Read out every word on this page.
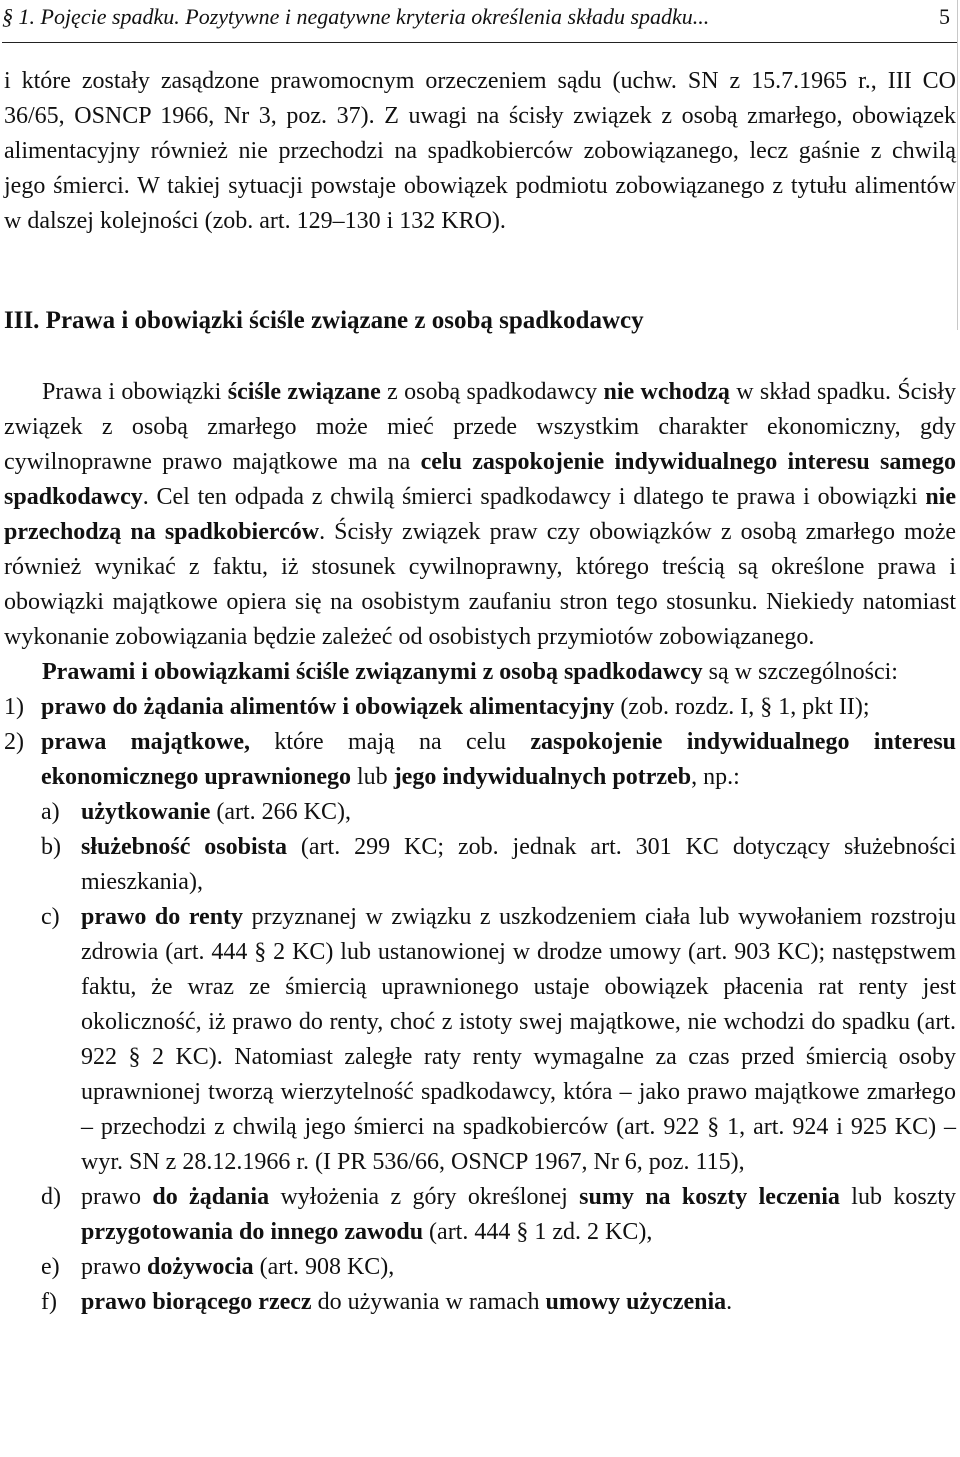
§ 1. Pojęcie spadku. Pozytywne i negatywne kryteria określenia składu spadku...	5

i które zostały zasądzone prawomocnym orzeczeniem sądu (uchw. SN z 15.7.1965 r., III CO 36/65, OSNCP 1966, Nr 3, poz. 37). Z uwagi na ścisły związek z osobą zmarłego, obowiązek alimentacyjny również nie przechodzi na spadkobierców zobowiązanego, lecz gaśnie z chwilą jego śmierci. W takiej sytuacji powstaje obowiązek podmiotu zobowiązanego z tytułu alimentów w dalszej kolejności (zob. art. 129–130 i 132 KRO).

III. Prawa i obowiązki ściśle związane z osobą spadkodawcy

Prawa i obowiązki ściśle związane z osobą spadkodawcy nie wchodzą w skład spadku. Ścisły związek z osobą zmarłego może mieć przede wszystkim charakter ekonomiczny, gdy cywilnoprawne prawo majątkowe ma na celu zaspokojenie indywidualnego interesu samego spadkodawcy. Cel ten odpada z chwilą śmierci spadkodawcy i dlatego te prawa i obowiązki nie przechodzą na spadkobierców. Ścisły związek praw czy obowiązków z osobą zmarłego może również wynikać z faktu, iż stosunek cywilnoprawny, którego treścią są określone prawa i obowiązki majątkowe opiera się na osobistym zaufaniu stron tego stosunku. Niekiedy natomiast wykonanie zobowiązania będzie zależeć od osobistych przymiotów zobowiązanego.

Prawami i obowiązkami ściśle związanymi z osobą spadkodawcy są w szczególności:

1) prawo do żądania alimentów i obowiązek alimentacyjny (zob. rozdz. I, § 1, pkt II);
2) prawa majątkowe, które mają na celu zaspokojenie indywidualnego interesu ekonomicznego uprawnionego lub jego indywidualnych potrzeb, np.:
a) użytkowanie (art. 266 KC),
b) służebność osobista (art. 299 KC; zob. jednak art. 301 KC dotyczący służebności mieszkania),
c) prawo do renty przyznanej w związku z uszkodzeniem ciała lub wywołaniem rozstroju zdrowia (art. 444 § 2 KC) lub ustanowionej w drodze umowy (art. 903 KC); następstwem faktu, że wraz ze śmiercią uprawnionego ustaje obowiązek płacenia rat renty jest okoliczność, iż prawo do renty, choć z istoty swej majątkowe, nie wchodzi do spadku (art. 922 § 2 KC). Natomiast zaległe raty renty wymagalne za czas przed śmiercią osoby uprawnionej tworzą wierzytelność spadkodawcy, która – jako prawo majątkowe zmarłego – przechodzi z chwilą jego śmierci na spadkobierców (art. 922 § 1, art. 924 i 925 KC) – wyr. SN z 28.12.1966 r. (I PR 536/66, OSNCP 1967, Nr 6, poz. 115),
d) prawo do żądania wyłożenia z góry określonej sumy na koszty leczenia lub koszty przygotowania do innego zawodu (art. 444 § 1 zd. 2 KC),
e) prawo dożywocia (art. 908 KC),
f) prawo biorącego rzecz do używania w ramach umowy użyczenia.
